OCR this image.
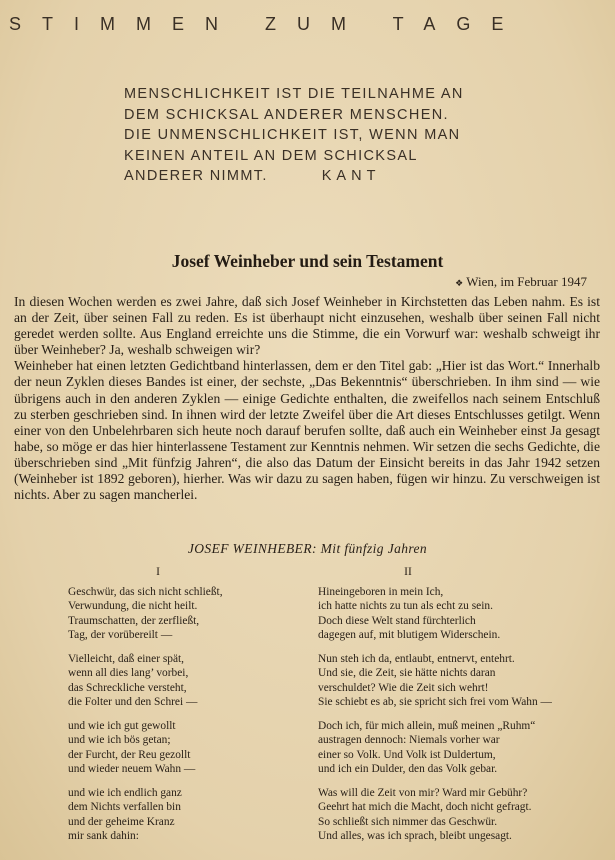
STIMMEN ZUM TAGE
MENSCHLICHKEIT IST DIE TEILNAHME AN
DEM SCHICKSAL ANDERER MENSCHEN.
DIE UNMENSCHLICHKEIT IST, WENN MAN
KEINEN ANTEIL AN DEM SCHICKSAL
ANDERER NIMMT.	KANT
Josef Weinheber und sein Testament
❖ Wien, im Februar 1947

In diesen Wochen werden es zwei Jahre, daß sich Josef Weinheber in Kirchstetten das Leben nahm. Es ist an der Zeit, über seinen Fall zu reden. Es ist überhaupt nicht einzusehen, weshalb über seinen Fall nicht geredet werden sollte. Aus England erreichte uns die Stimme, die ein Vorwurf war: weshalb schweigt ihr über Weinheber? Ja, weshalb schweigen wir?

Weinheber hat einen letzten Gedichtband hinterlassen, dem er den Titel gab: „Hier ist das Wort.“ Innerhalb der neun Zyklen dieses Bandes ist einer, der sechste, „Das Bekenntnis“ überschrieben. In ihm sind — wie übrigens auch in den anderen Zyklen — einige Gedichte enthalten, die zweifellos nach seinem Entschluß zu sterben geschrieben sind. In ihnen wird der letzte Zweifel über die Art dieses Entschlusses getilgt. Wenn einer von den Unbelehrbaren sich heute noch darauf berufen sollte, daß auch ein Weinheber einst Ja gesagt habe, so möge er das hier hinterlassene Testament zur Kenntnis nehmen. Wir setzen die sechs Gedichte, die überschrieben sind „Mit fünfzig Jahren“, die also das Datum der Einsicht bereits in das Jahr 1942 setzen (Weinheber ist 1892 geboren), hierher. Was wir dazu zu sagen haben, fügen wir hinzu. Zu verschweigen ist nichts. Aber zu sagen mancherlei.

JOSEF WEINHEBER: Mit fünfzig Jahren
I
Geschwür, das sich nicht schließt,
Verwundung, die nicht heilt.
Traumschatten, der zerfließt,
Tag, der vorübereilt —
Vielleicht, daß einer spät,
wenn all dies lang’ vorbei,
das Schreckliche versteht,
die Folter und den Schrei —
und wie ich gut gewollt
und wie ich bös getan;
der Furcht, der Reu gezollt
und wieder neuem Wahn —
und wie ich endlich ganz
dem Nichts verfallen bin
und der geheime Kranz
mir sank dahin:
II
Hineingeboren in mein Ich,
ich hatte nichts zu tun als echt zu sein.
Doch diese Welt stand fürchterlich
dagegen auf, mit blutigem Widerschein.
Nun steh ich da, entlaubt, entnervt, entehrt.
Und sie, die Zeit, sie hätte nichts daran
verschuldet? Wie die Zeit sich wehrt!
Sie schiebt es ab, sie spricht sich frei vom Wahn —
Doch ich, für mich allein, muß meinen „Ruhm“
austragen dennoch: Niemals vorher war
einer so Volk. Und Volk ist Duldertum,
und ich ein Dulder, den das Volk gebar.
Was will die Zeit von mir? Ward mir Gebühr?
Geehrt hat mich die Macht, doch nicht gefragt.
So schließt sich nimmer das Geschwür.
Und alles, was ich sprach, bleibt ungesagt.
